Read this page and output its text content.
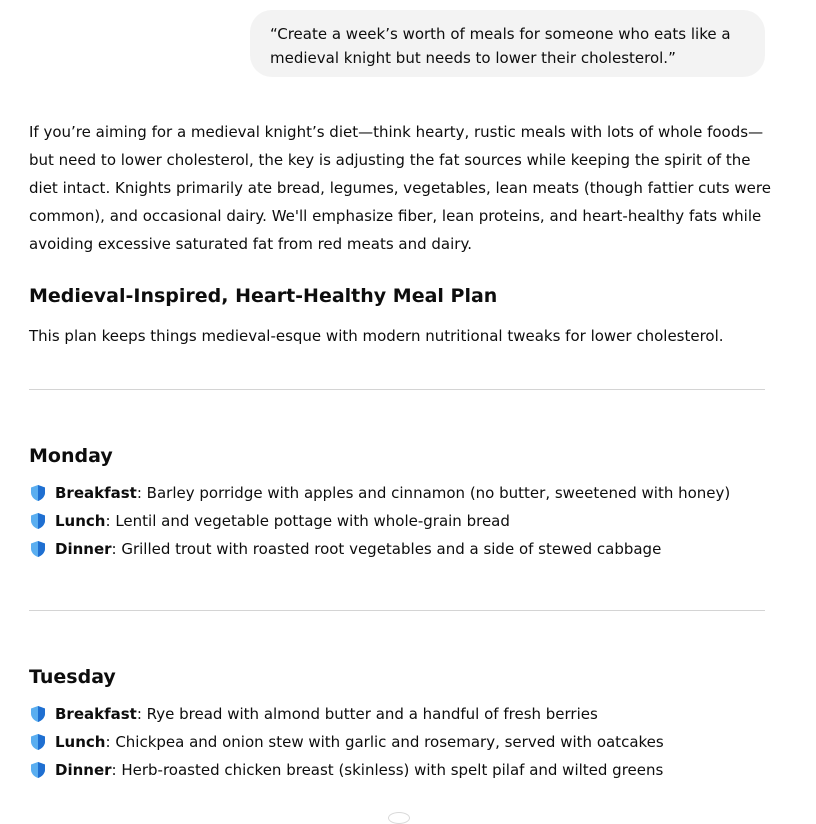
“Create a week’s worth of meals for someone who eats like a medieval knight but needs to lower their cholesterol.”

If you’re aiming for a medieval knight’s diet—think hearty, rustic meals with lots of whole foods—but need to lower cholesterol, the key is adjusting the fat sources while keeping the spirit of the diet intact. Knights primarily ate bread, legumes, vegetables, lean meats (though fattier cuts were common), and occasional dairy. We'll emphasize fiber, lean proteins, and heart-healthy fats while avoiding excessive saturated fat from red meats and dairy.

Medieval-Inspired, Heart-Healthy Meal Plan

This plan keeps things medieval-esque with modern nutritional tweaks for lower cholesterol.

Monday
Breakfast: Barley porridge with apples and cinnamon (no butter, sweetened with honey)
Lunch: Lentil and vegetable pottage with whole-grain bread
Dinner: Grilled trout with roasted root vegetables and a side of stewed cabbage
Tuesday
Breakfast: Rye bread with almond butter and a handful of fresh berries
Lunch: Chickpea and onion stew with garlic and rosemary, served with oatcakes
Dinner: Herb-roasted chicken breast (skinless) with spelt pilaf and wilted greens
